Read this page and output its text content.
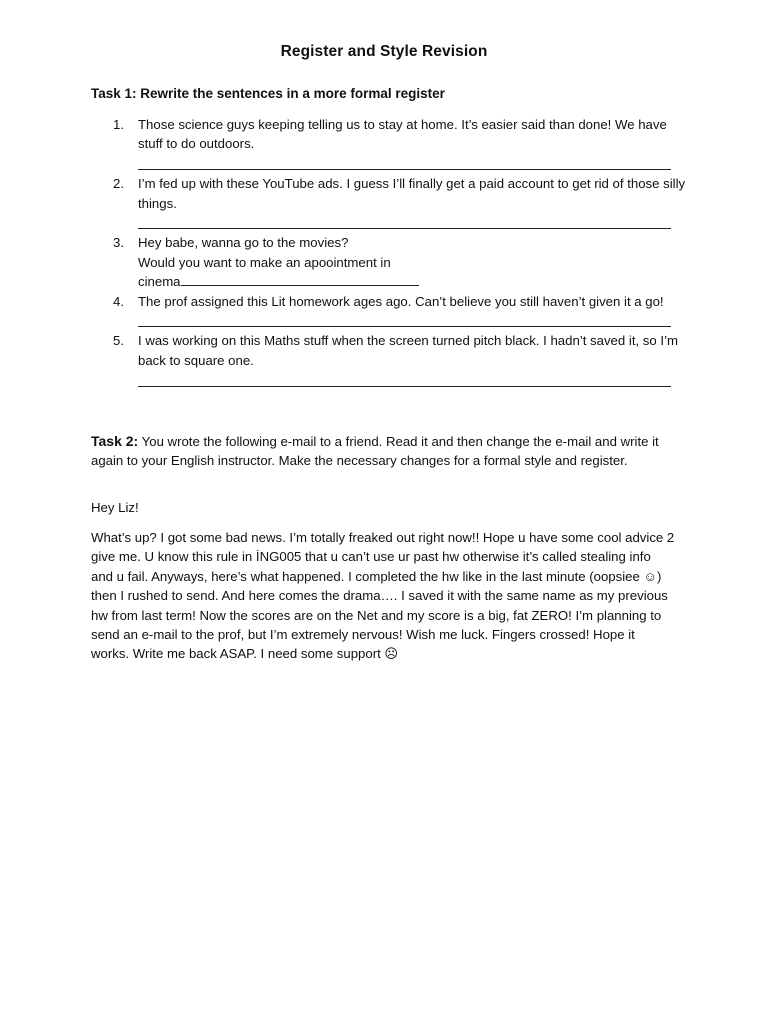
Register and Style Revision
Task 1: Rewrite the sentences in a more formal register
1. Those science guys keeping telling us to stay at home. It’s easier said than done! We have stuff to do outdoors.
2. I’m fed up with these YouTube ads. I guess I’ll finally get a paid account to get rid of those silly things.
3. Hey babe, wanna go to the movies?
Would you want to make an apoointment in
cinema
4. The prof assigned this Lit homework ages ago. Can’t believe you still haven’t given it a go!
5. I was working on this Maths stuff when the screen turned pitch black. I hadn’t saved it, so I’m back to square one.
Task 2: You wrote the following e-mail to a friend. Read it and then change the e-mail and write it again to your English instructor. Make the necessary changes for a formal style and register.
Hey Liz!
What’s up? I got some bad news. I’m totally freaked out right now!! Hope u have some cool advice 2 give me. U know this rule in İNG005 that u can’t use ur past hw otherwise it’s called stealing info and u fail. Anyways, here’s what happened. I completed the hw like in the last minute (oopsiee ☺) then I rushed to send. And here comes the drama…. I saved it with the same name as my previous hw from last term! Now the scores are on the Net and my score is a big, fat ZERO! I’m planning to send an e-mail to the prof, but I’m extremely nervous! Wish me luck. Fingers crossed! Hope it works. Write me back ASAP. I need some support ☹
